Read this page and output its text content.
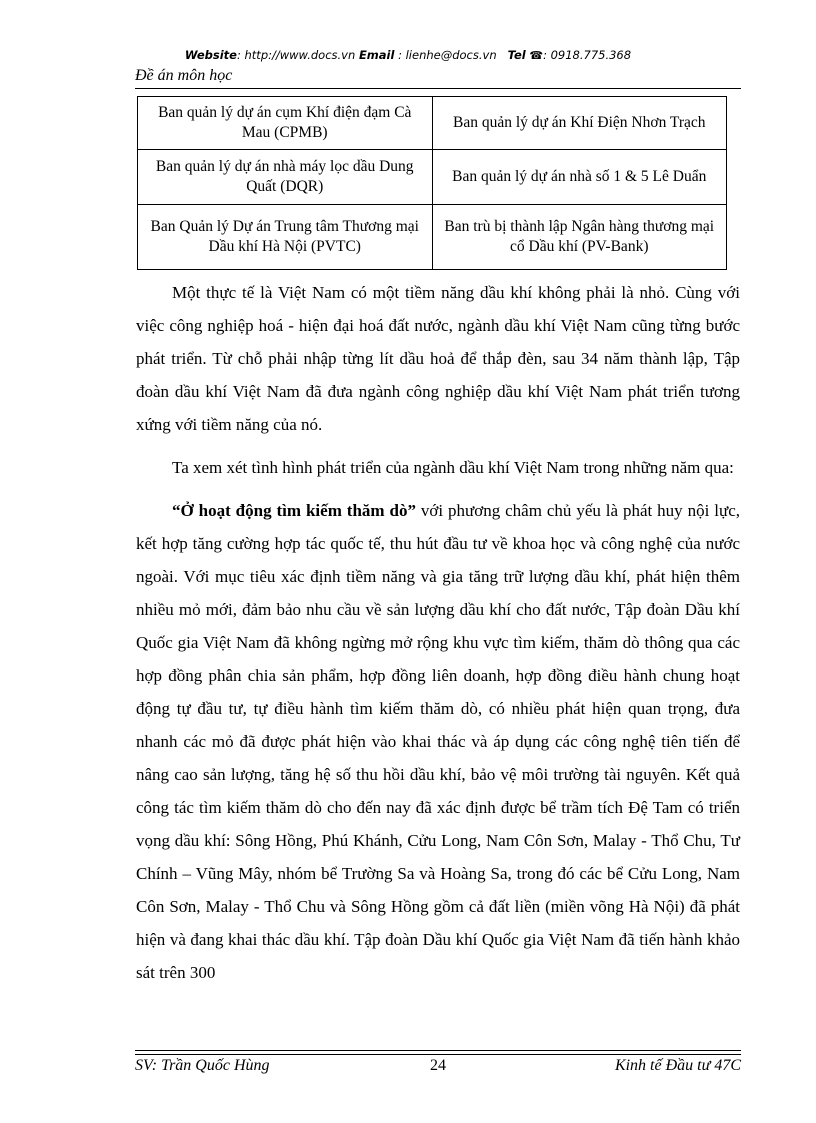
Website: http://www.docs.vn Email : lienhe@docs.vn Tel ☎: 0918.775.368
Đề án môn học
Ban quản lý dự án cụm Khí điện đạm Cà Mau (CPMB)	Ban quản lý dự án Khí Điện Nhơn Trạch
Ban quản lý dự án nhà máy lọc dầu Dung Quất (DQR)	Ban quản lý dự án nhà số 1 & 5 Lê Duẩn
Ban Quản lý Dự án Trung tâm Thương mại Dầu khí Hà Nội (PVTC)	Ban trù bị thành lập Ngân hàng thương mại cổ Dầu khí (PV-Bank)

Một thực tế là Việt Nam có một tiềm năng dầu khí không phải là nhỏ. Cùng với việc công nghiệp hoá - hiện đại hoá đất nước, ngành dầu khí Việt Nam cũng từng bước phát triển. Từ chỗ phải nhập từng lít dầu hoả để thắp đèn, sau 34 năm thành lập, Tập đoàn dầu khí Việt Nam đã đưa ngành công nghiệp dầu khí Việt Nam phát triển tương xứng với tiềm năng của nó.

Ta xem xét tình hình phát triển của ngành dầu khí Việt Nam trong những năm qua:

“Ở hoạt động tìm kiếm thăm dò” với phương châm chủ yếu là phát huy nội lực, kết hợp tăng cường hợp tác quốc tế, thu hút đầu tư về khoa học và công nghệ của nước ngoài. Với mục tiêu xác định tiềm năng và gia tăng trữ lượng dầu khí, phát hiện thêm nhiều mỏ mới, đảm bảo nhu cầu về sản lượng dầu khí cho đất nước, Tập đoàn Dầu khí Quốc gia Việt Nam đã không ngừng mở rộng khu vực tìm kiếm, thăm dò thông qua các hợp đồng phân chia sản phẩm, hợp đồng liên doanh, hợp đồng điều hành chung hoạt động tự đầu tư, tự điều hành tìm kiếm thăm dò, có nhiều phát hiện quan trọng, đưa nhanh các mỏ đã được phát hiện vào khai thác và áp dụng các công nghệ tiên tiến để nâng cao sản lượng, tăng hệ số thu hồi dầu khí, bảo vệ môi trường tài nguyên. Kết quả công tác tìm kiếm thăm dò cho đến nay đã xác định được bể trầm tích Đệ Tam có triển vọng dầu khí: Sông Hồng, Phú Khánh, Cửu Long, Nam Côn Sơn, Malay - Thổ Chu, Tư Chính – Vũng Mây, nhóm bể Trường Sa và Hoàng Sa, trong đó các bể Cửu Long, Nam Côn Sơn, Malay - Thổ Chu và Sông Hồng gồm cả đất liền (miền võng Hà Nội) đã phát hiện và đang khai thác dầu khí. Tập đoàn Dầu khí Quốc gia Việt Nam đã tiến hành khảo sát trên 300

SV: Trần Quốc Hùng	24	Kinh tế Đầu tư 47C
